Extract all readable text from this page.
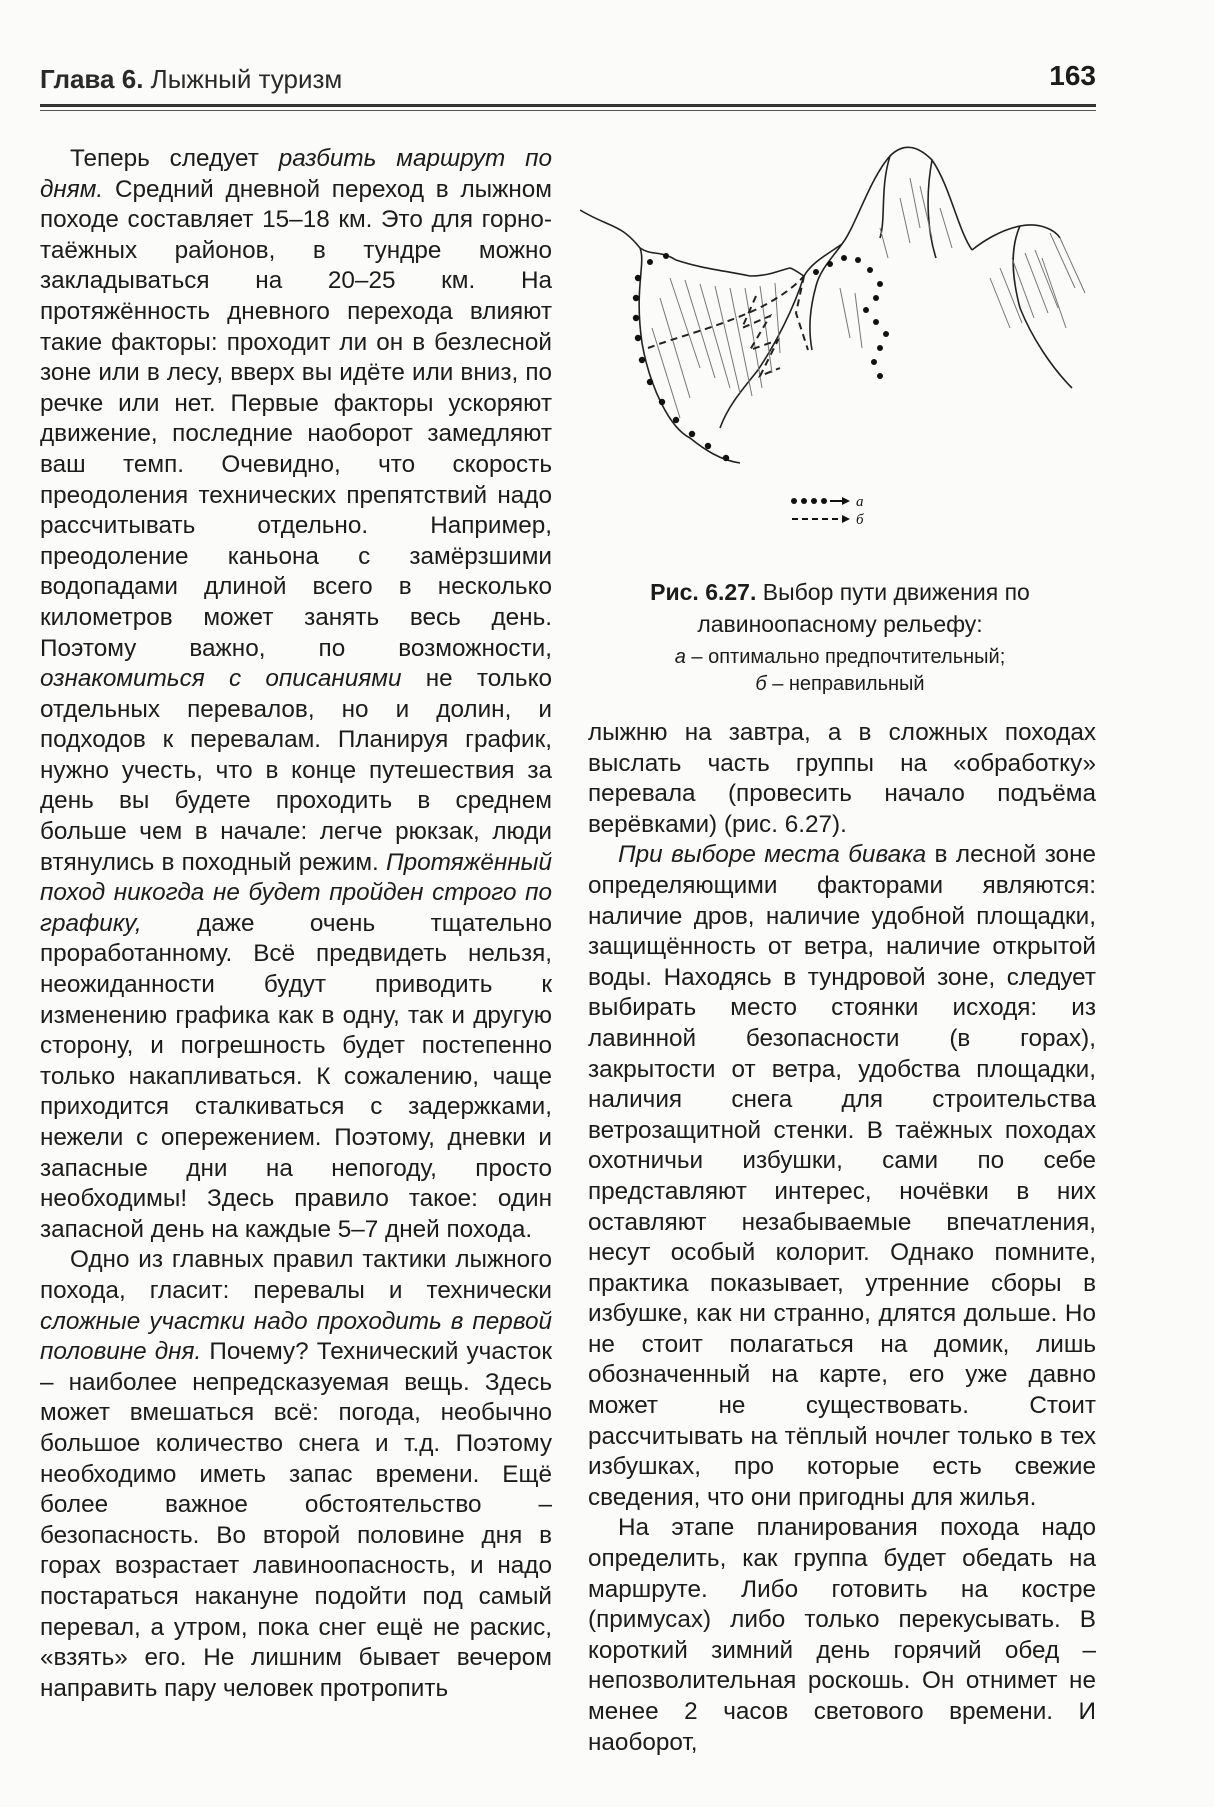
Глава 6. Лыжный туризм	163

Теперь следует разбить маршрут по дням. Средний дневной переход в лыжном походе составляет 15–18 км. Это для горно-таёжных районов, в тундре можно закладываться на 20–25 км. На протяжённость дневного перехода влияют такие факторы: проходит ли он в безлесной зоне или в лесу, вверх вы идёте или вниз, по речке или нет. Первые факторы ускоряют движение, последние наоборот замедляют ваш темп. Очевидно, что скорость преодоления технических препятствий надо рассчитывать отдельно. Например, преодоление каньона с замёрзшими водопадами длиной всего в несколько километров может занять весь день. Поэтому важно, по возможности, ознакомиться с описаниями не только отдельных перевалов, но и долин, и подходов к перевалам. Планируя график, нужно учесть, что в конце путешествия за день вы будете проходить в среднем больше чем в начале: легче рюкзак, люди втянулись в походный режим. Протяжённый поход никогда не будет пройден строго по графику, даже очень тщательно проработанному. Всё предвидеть нельзя, неожиданности будут приводить к изменению графика как в одну, так и другую сторону, и погрешность будет постепенно только накапливаться. К сожалению, чаще приходится сталкиваться с задержками, нежели с опережением. Поэтому, дневки и запасные дни на непогоду, просто необходимы! Здесь правило такое: один запасной день на каждые 5–7 дней похода.

Одно из главных правил тактики лыжного похода, гласит: перевалы и технически сложные участки надо проходить в первой половине дня. Почему? Технический участок – наиболее непредсказуемая вещь. Здесь может вмешаться всё: погода, необычно большое количество снега и т.д. Поэтому необходимо иметь запас времени. Ещё более важное обстоятельство – безопасность. Во второй половине дня в горах возрастает лавиноопасность, и надо постараться накануне подойти под самый перевал, а утром, пока снег ещё не раскис, «взять» его. Не лишним бывает вечером направить пару человек протропить

а
б
Рис. 6.27. Выбор пути движения по лавиноопасному рельефу:
а – оптимально предпочтительный;
б – неправильный

лыжню на завтра, а в сложных походах выслать часть группы на «обработку» перевала (провесить начало подъёма верёвками) (рис. 6.27).

При выборе места бивака в лесной зоне определяющими факторами являются: наличие дров, наличие удобной площадки, защищённость от ветра, наличие открытой воды. Находясь в тундровой зоне, следует выбирать место стоянки исходя: из лавинной безопасности (в горах), закрытости от ветра, удобства площадки, наличия снега для строительства ветрозащитной стенки. В таёжных походах охотничьи избушки, сами по себе представляют интерес, ночёвки в них оставляют незабываемые впечатления, несут особый колорит. Однако помните, практика показывает, утренние сборы в избушке, как ни странно, длятся дольше. Но не стоит полагаться на домик, лишь обозначенный на карте, его уже давно может не существовать. Стоит рассчитывать на тёплый ночлег только в тех избушках, про которые есть свежие сведения, что они пригодны для жилья.

На этапе планирования похода надо определить, как группа будет обедать на маршруте. Либо готовить на костре (примусах) либо только перекусывать. В короткий зимний день горячий обед – непозволительная роскошь. Он отнимет не менее 2 часов светового времени. И наоборот,
